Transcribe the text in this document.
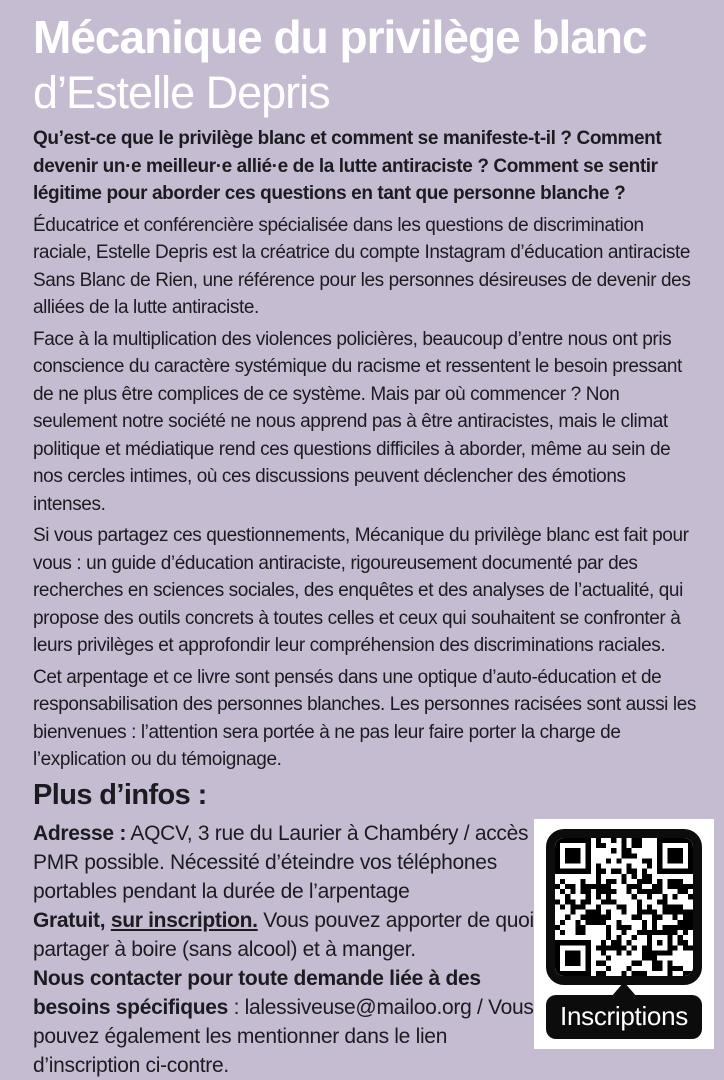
Mécanique du privilège blanc
d’Estelle Depris

Qu’est-ce que le privilège blanc et comment se manifeste-t-il ? Comment devenir un·e meilleur·e allié·e de la lutte antiraciste ? Comment se sentir légitime pour aborder ces questions en tant que personne blanche ?

Éducatrice et conférencière spécialisée dans les questions de discrimination raciale, Estelle Depris est la créatrice du compte Instagram d’éducation antiraciste Sans Blanc de Rien, une référence pour les personnes désireuses de devenir des alliées de la lutte antiraciste.

Face à la multiplication des violences policières, beaucoup d’entre nous ont pris conscience du caractère systémique du racisme et ressentent le besoin pressant de ne plus être complices de ce système. Mais par où commencer ? Non seulement notre société ne nous apprend pas à être antiracistes, mais le climat politique et médiatique rend ces questions difficiles à aborder, même au sein de nos cercles intimes, où ces discussions peuvent déclencher des émotions intenses.

Si vous partagez ces questionnements, Mécanique du privilège blanc est fait pour vous : un guide d’éducation antiraciste, rigoureusement documenté par des recherches en sciences sociales, des enquêtes et des analyses de l’actualité, qui propose des outils concrets à toutes celles et ceux qui souhaitent se confronter à leurs privilèges et approfondir leur compréhension des discriminations raciales.

Cet arpentage et ce livre sont pensés dans une optique d’auto-éducation et de responsabilisation des personnes blanches. Les personnes racisées sont aussi les bienvenues : l’attention sera portée à ne pas leur faire porter la charge de l’explication ou du témoignage.

Plus d’infos :

Adresse : AQCV, 3 rue du Laurier à Chambéry / accès PMR possible. Nécessité d’éteindre vos téléphones portables pendant la durée de l’arpentage

Gratuit, sur inscription. Vous pouvez apporter de quoi partager à boire (sans alcool) et à manger.

Nous contacter pour toute demande liée à des besoins spécifiques : lalessiveuse@mailoo.org / Vous pouvez également les mentionner dans le lien d’inscription ci-contre.

Inscriptions
